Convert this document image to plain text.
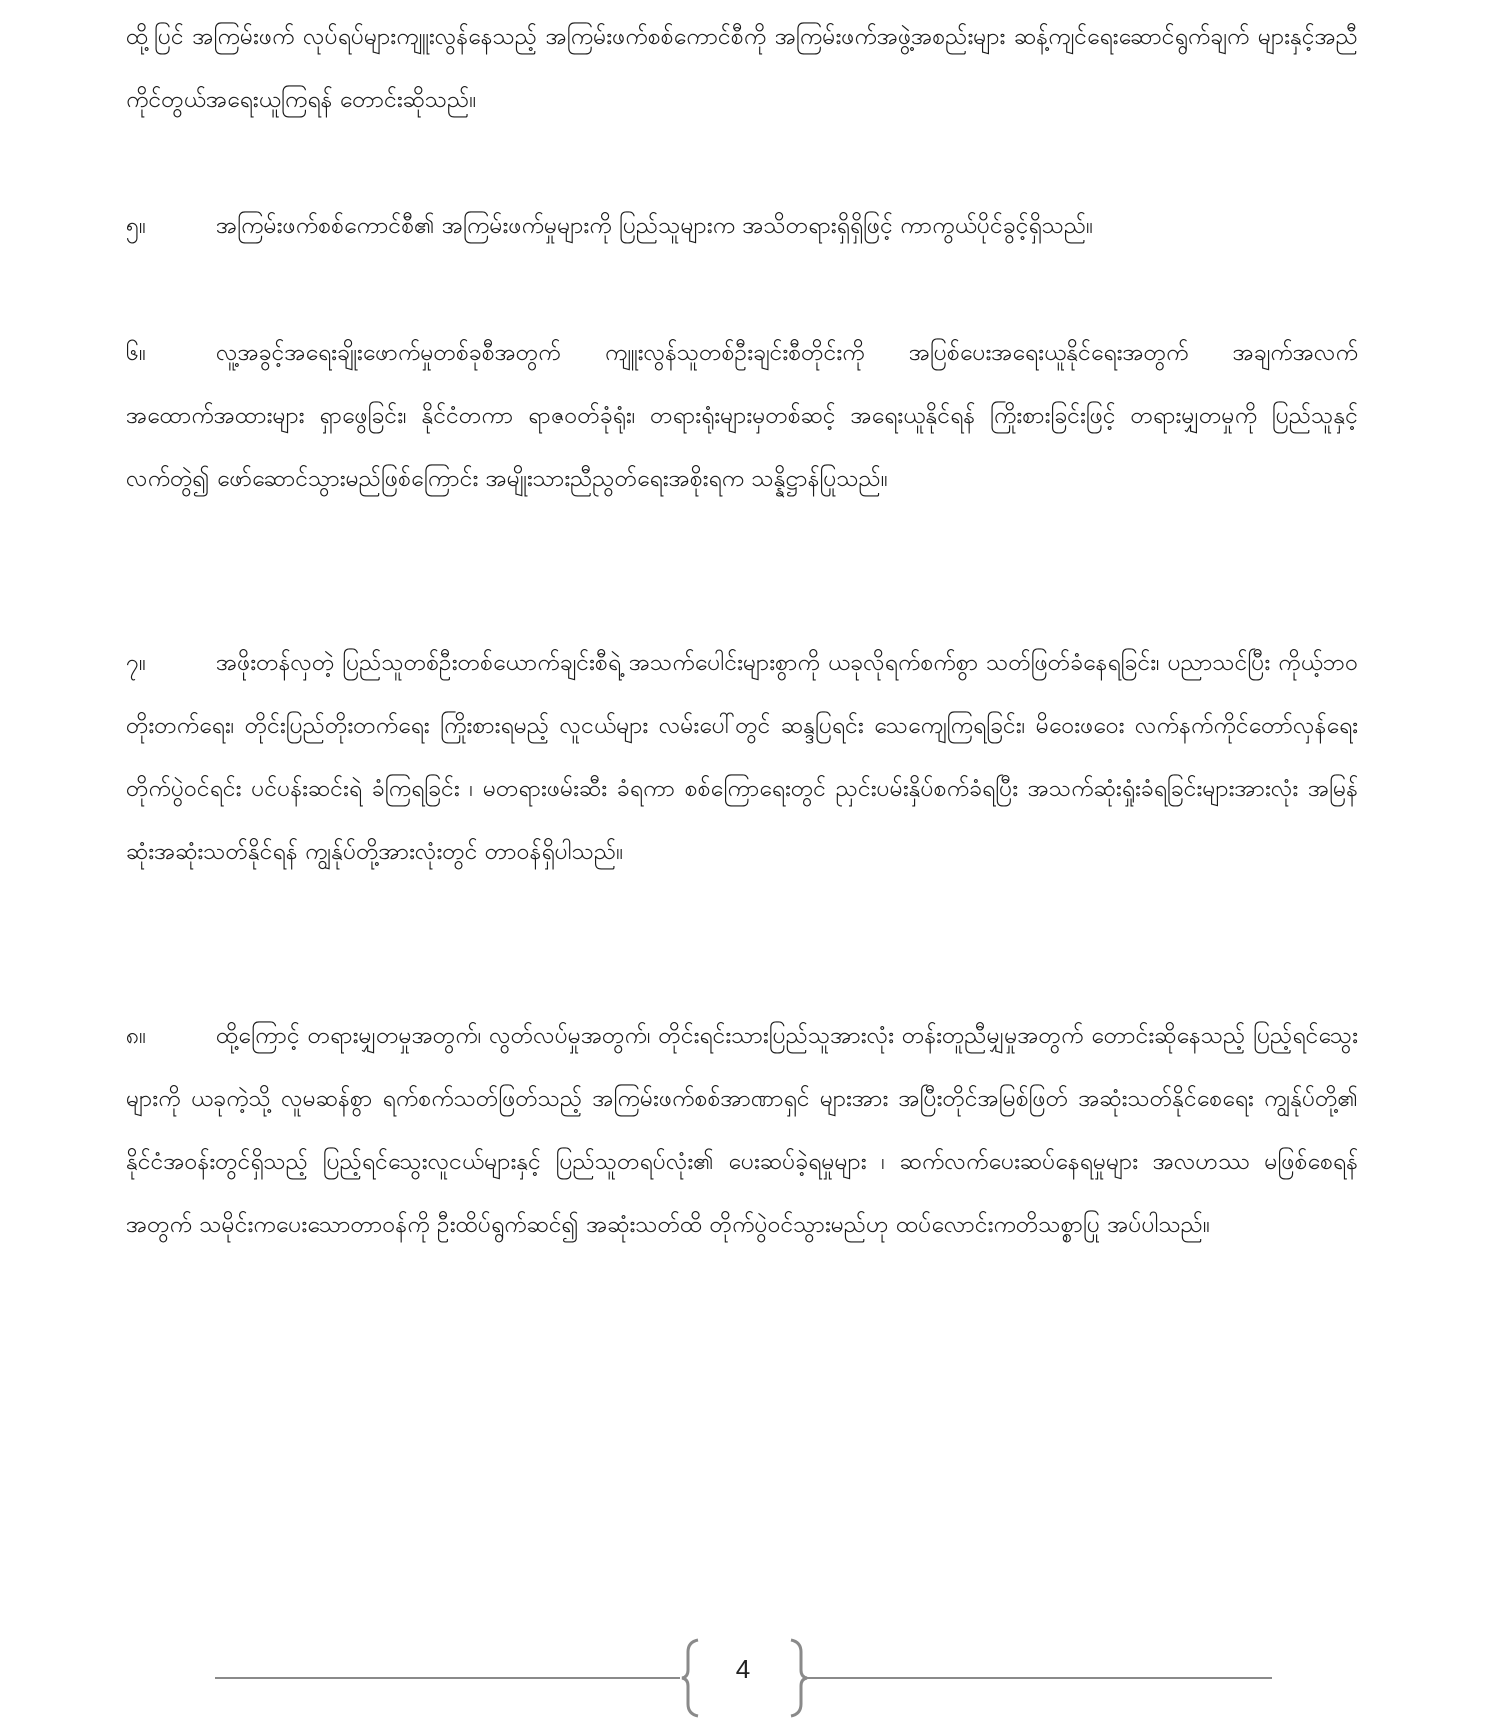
ထို့ပြင် အကြမ်းဖက် လုပ်ရပ်များကျူးလွန်နေသည့် အကြမ်းဖက်စစ်ကောင်စီကို အကြမ်းဖက်အဖွဲ့အစည်းများ ဆန့်ကျင်ရေးဆောင်ရွက်ချက် များနှင့်အညီ ကိုင်တွယ်အရေးယူကြရန် တောင်းဆိုသည်။

၅။	အကြမ်းဖက်စစ်ကောင်စီ၏ အကြမ်းဖက်မှုများကို ပြည်သူများက အသိတရားရှိရှိဖြင့် ကာကွယ်ပိုင်ခွင့်ရှိသည်။

၆။	လူ့အခွင့်အရေးချိုးဖောက်မှုတစ်ခုစီအတွက် ကျူးလွန်သူတစ်ဦးချင်းစီတိုင်းကို အပြစ်ပေးအရေးယူနိုင်ရေးအတွက် အချက်အလက်အထောက်အထားများ ရှာဖွေခြင်း၊ နိုင်ငံတကာ ရာဇဝတ်ခုံရုံး၊ တရားရုံးများမှတစ်ဆင့် အရေးယူနိုင်ရန် ကြိုးစားခြင်းဖြင့် တရားမျှတမှုကို ပြည်သူနှင့်လက်တွဲ၍ ဖော်ဆောင်သွားမည်ဖြစ်ကြောင်း အမျိုးသားညီညွတ်ရေးအစိုးရက သန္နိဋ္ဌာန်ပြုသည်။

၇။	အဖိုးတန်လှတဲ့ ပြည်သူတစ်ဦးတစ်ယောက်ချင်းစီရဲ့ အသက်ပေါင်းများစွာကို ယခုလိုရက်စက်စွာ သတ်ဖြတ်ခံနေရခြင်း၊ ပညာသင်ပြီး ကိုယ့်ဘဝတိုးတက်ရေး၊ တိုင်းပြည်တိုးတက်ရေး ကြိုးစားရမည့် လူငယ်များ လမ်းပေါ်တွင် ဆန္ဒပြရင်း သေကျေကြရခြင်း၊ မိဝေးဖဝေး လက်နက်ကိုင်တော်လှန်ရေးတိုက်ပွဲဝင်ရင်း ပင်ပန်းဆင်းရဲ ခံကြရခြင်း ၊ မတရားဖမ်းဆီး ခံရကာ စစ်ကြောရေးတွင် ညှင်းပမ်းနှိပ်စက်ခံရပြီး အသက်ဆုံးရှုံးခံရခြင်းများအားလုံး အမြန်ဆုံးအဆုံးသတ်နိုင်ရန် ကျွန်ုပ်တို့အားလုံးတွင် တာဝန်ရှိပါသည်။

၈။	ထို့ကြောင့် တရားမျှတမှုအတွက်၊ လွတ်လပ်မှုအတွက်၊ တိုင်းရင်းသားပြည်သူအားလုံး တန်းတူညီမျှမှုအတွက် တောင်းဆိုနေသည့် ပြည့်ရင်သွေးများကို ယခုကဲ့သို့ လူမဆန်စွာ ရက်စက်သတ်ဖြတ်သည့် အကြမ်းဖက်စစ်အာဏာရှင် များအား အပြီးတိုင်အမြစ်ဖြတ် အဆုံးသတ်နိုင်စေရေး ကျွန်ုပ်တို့၏ နိုင်ငံအဝန်းတွင်ရှိသည့် ပြည့်ရင်သွေးလူငယ်များနှင့် ပြည်သူတရပ်လုံး၏ ပေးဆပ်ခဲ့ရမှုများ ၊ ဆက်လက်ပေးဆပ်နေရမှုများ အလဟဿ မဖြစ်စေရန်အတွက် သမိုင်းကပေးသောတာဝန်ကို ဦးထိပ်ရွက်ဆင်၍ အဆုံးသတ်ထိ တိုက်ပွဲဝင်သွားမည်ဟု ထပ်လောင်းကတိသစ္စာပြု အပ်ပါသည်။

4
